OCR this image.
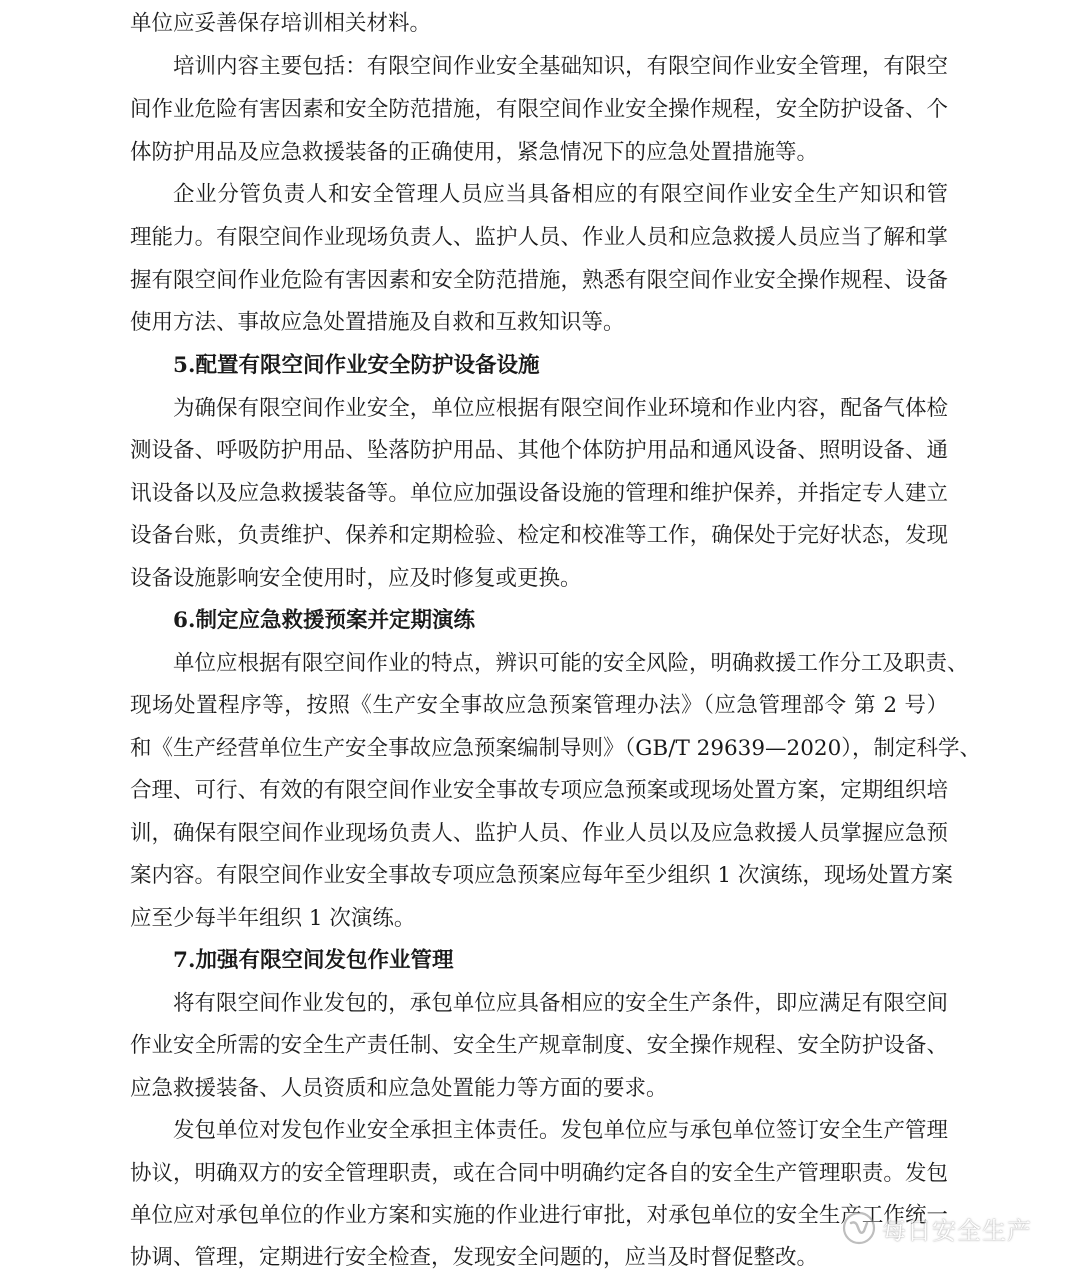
单位应妥善保存培训相关材料。
培训内容主要包括：有限空间作业安全基础知识，有限空间作业安全管理，有限空
间作业危险有害因素和安全防范措施，有限空间作业安全操作规程，安全防护设备、个
体防护用品及应急救援装备的正确使用，紧急情况下的应急处置措施等。
企业分管负责人和安全管理人员应当具备相应的有限空间作业安全生产知识和管
理能力。有限空间作业现场负责人、监护人员、作业人员和应急救援人员应当了解和掌
握有限空间作业危险有害因素和安全防范措施，熟悉有限空间作业安全操作规程、设备
使用方法、事故应急处置措施及自救和互救知识等。
5.配置有限空间作业安全防护设备设施
为确保有限空间作业安全，单位应根据有限空间作业环境和作业内容，配备气体检
测设备、呼吸防护用品、坠落防护用品、其他个体防护用品和通风设备、照明设备、通
讯设备以及应急救援装备等。单位应加强设备设施的管理和维护保养，并指定专人建立
设备台账，负责维护、保养和定期检验、检定和校准等工作，确保处于完好状态，发现
设备设施影响安全使用时，应及时修复或更换。
6.制定应急救援预案并定期演练
单位应根据有限空间作业的特点，辨识可能的安全风险，明确救援工作分工及职责、
现场处置程序等，按照《生产安全事故应急预案管理办法》（应急管理部令 第 2 号）
和《生产经营单位生产安全事故应急预案编制导则》（GB/T 29639—2020），制定科学、
合理、可行、有效的有限空间作业安全事故专项应急预案或现场处置方案，定期组织培
训，确保有限空间作业现场负责人、监护人员、作业人员以及应急救援人员掌握应急预
案内容。有限空间作业安全事故专项应急预案应每年至少组织 1 次演练，现场处置方案
应至少每半年组织 1 次演练。
7.加强有限空间发包作业管理
将有限空间作业发包的，承包单位应具备相应的安全生产条件，即应满足有限空间
作业安全所需的安全生产责任制、安全生产规章制度、安全操作规程、安全防护设备、
应急救援装备、人员资质和应急处置能力等方面的要求。
发包单位对发包作业安全承担主体责任。发包单位应与承包单位签订安全生产管理
协议，明确双方的安全管理职责，或在合同中明确约定各自的安全生产管理职责。发包
单位应对承包单位的作业方案和实施的作业进行审批，对承包单位的安全生产工作统一
协调、管理，定期进行安全检查，发现安全问题的，应当及时督促整改。
每日安全生产
